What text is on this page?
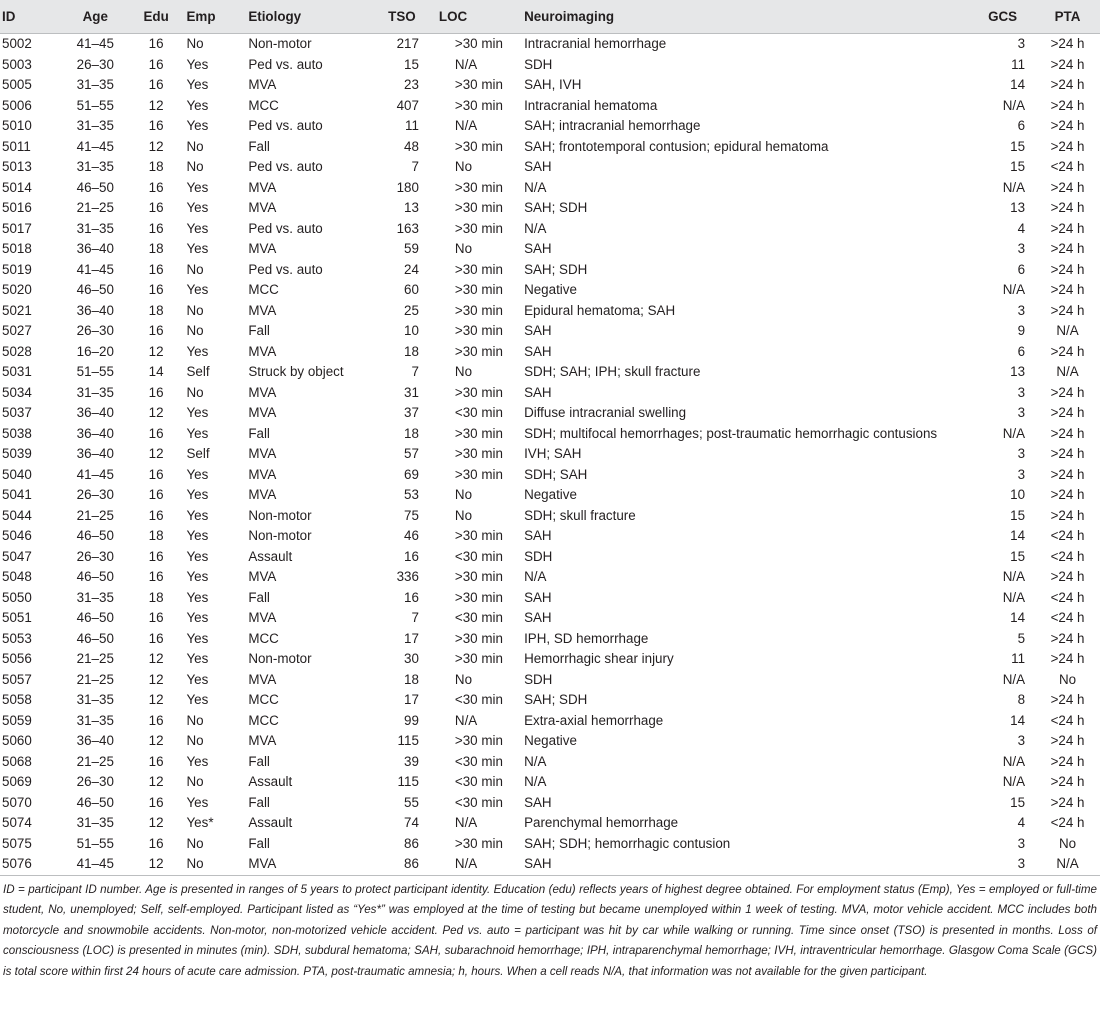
ID	Age	Edu	Emp	Etiology	TSO	LOC	Neuroimaging	GCS	PTA
5002	41–45	16	No	Non-motor	217	>30 min	Intracranial hemorrhage	3	>24 h
5003	26–30	16	Yes	Ped vs. auto	15	N/A	SDH	11	>24 h
5005	31–35	16	Yes	MVA	23	>30 min	SAH, IVH	14	>24 h
5006	51–55	12	Yes	MCC	407	>30 min	Intracranial hematoma	N/A	>24 h
5010	31–35	16	Yes	Ped vs. auto	11	N/A	SAH; intracranial hemorrhage	6	>24 h
5011	41–45	12	No	Fall	48	>30 min	SAH; frontotemporal contusion; epidural hematoma	15	>24 h
5013	31–35	18	No	Ped vs. auto	7	No	SAH	15	<24 h
5014	46–50	16	Yes	MVA	180	>30 min	N/A	N/A	>24 h
5016	21–25	16	Yes	MVA	13	>30 min	SAH; SDH	13	>24 h
5017	31–35	16	Yes	Ped vs. auto	163	>30 min	N/A	4	>24 h
5018	36–40	18	Yes	MVA	59	No	SAH	3	>24 h
5019	41–45	16	No	Ped vs. auto	24	>30 min	SAH; SDH	6	>24 h
5020	46–50	16	Yes	MCC	60	>30 min	Negative	N/A	>24 h
5021	36–40	18	No	MVA	25	>30 min	Epidural hematoma; SAH	3	>24 h
5027	26–30	16	No	Fall	10	>30 min	SAH	9	N/A
5028	16–20	12	Yes	MVA	18	>30 min	SAH	6	>24 h
5031	51–55	14	Self	Struck by object	7	No	SDH; SAH; IPH; skull fracture	13	N/A
5034	31–35	16	No	MVA	31	>30 min	SAH	3	>24 h
5037	36–40	12	Yes	MVA	37	<30 min	Diffuse intracranial swelling	3	>24 h
5038	36–40	16	Yes	Fall	18	>30 min	SDH; multifocal hemorrhages; post-traumatic hemorrhagic contusions	N/A	>24 h
5039	36–40	12	Self	MVA	57	>30 min	IVH; SAH	3	>24 h
5040	41–45	16	Yes	MVA	69	>30 min	SDH; SAH	3	>24 h
5041	26–30	16	Yes	MVA	53	No	Negative	10	>24 h
5044	21–25	16	Yes	Non-motor	75	No	SDH; skull fracture	15	>24 h
5046	46–50	18	Yes	Non-motor	46	>30 min	SAH	14	<24 h
5047	26–30	16	Yes	Assault	16	<30 min	SDH	15	<24 h
5048	46–50	16	Yes	MVA	336	>30 min	N/A	N/A	>24 h
5050	31–35	18	Yes	Fall	16	>30 min	SAH	N/A	<24 h
5051	46–50	16	Yes	MVA	7	<30 min	SAH	14	<24 h
5053	46–50	16	Yes	MCC	17	>30 min	IPH, SD hemorrhage	5	>24 h
5056	21–25	12	Yes	Non-motor	30	>30 min	Hemorrhagic shear injury	11	>24 h
5057	21–25	12	Yes	MVA	18	No	SDH	N/A	No
5058	31–35	12	Yes	MCC	17	<30 min	SAH; SDH	8	>24 h
5059	31–35	16	No	MCC	99	N/A	Extra-axial hemorrhage	14	<24 h
5060	36–40	12	No	MVA	115	>30 min	Negative	3	>24 h
5068	21–25	16	Yes	Fall	39	<30 min	N/A	N/A	>24 h
5069	26–30	12	No	Assault	115	<30 min	N/A	N/A	>24 h
5070	46–50	16	Yes	Fall	55	<30 min	SAH	15	>24 h
5074	31–35	12	Yes*	Assault	74	N/A	Parenchymal hemorrhage	4	<24 h
5075	51–55	16	No	Fall	86	>30 min	SAH; SDH; hemorrhagic contusion	3	No
5076	41–45	12	No	MVA	86	N/A	SAH	3	N/A

ID = participant ID number. Age is presented in ranges of 5 years to protect participant identity. Education (edu) reflects years of highest degree obtained. For employment status (Emp), Yes = employed or full-time student, No, unemployed; Self, self-employed. Participant listed as “Yes*” was employed at the time of testing but became unemployed within 1 week of testing. MVA, motor vehicle accident. MCC includes both motorcycle and snowmobile accidents. Non-motor, non-motorized vehicle accident. Ped vs. auto = participant was hit by car while walking or running. Time since onset (TSO) is presented in months. Loss of consciousness (LOC) is presented in minutes (min). SDH, subdural hematoma; SAH, subarachnoid hemorrhage; IPH, intraparenchymal hemorrhage; IVH, intraventricular hemorrhage. Glasgow Coma Scale (GCS) is total score within first 24 hours of acute care admission. PTA, post-traumatic amnesia; h, hours. When a cell reads N/A, that information was not available for the given participant.
